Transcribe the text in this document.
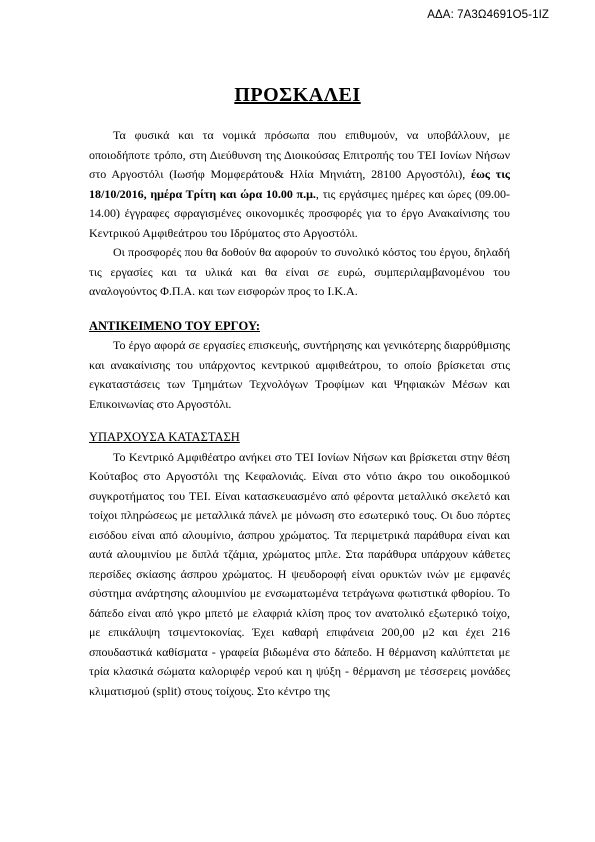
ΑΔΑ: 7Α3Ω4691Ο5-1ΙΖ
ΠΡΟΣΚΑΛΕΙ

Τα φυσικά και τα νομικά πρόσωπα που επιθυμούν, να υποβάλλουν, με οποιοδήποτε τρόπο, στη Διεύθυνση της Διοικούσας Επιτροπής του ΤΕΙ Ιονίων Νήσων στο Αργοστόλι (Ιωσήφ Μομφεράτου& Ηλία Μηνιάτη, 28100 Αργοστόλι), έως τις 18/10/2016, ημέρα Τρίτη και ώρα 10.00 π.μ., τις εργάσιμες ημέρες και ώρες (09.00-14.00) έγγραφες σφραγισμένες οικονομικές προσφορές για το έργο Ανακαίνισης του Κεντρικού Αμφιθεάτρου του Ιδρύματος στο Αργοστόλι.

Οι προσφορές που θα δοθούν θα αφορούν το συνολικό κόστος του έργου, δηλαδή τις εργασίες και τα υλικά και θα είναι σε ευρώ, συμπεριλαμβανομένου του αναλογούντος Φ.Π.Α. και των εισφορών προς το Ι.Κ.Α.

ΑΝΤΙΚΕΙΜΕΝΟ ΤΟΥ ΕΡΓΟΥ:

Το έργο αφορά σε εργασίες επισκευής, συντήρησης και γενικότερης διαρρύθμισης και ανακαίνισης του υπάρχοντος κεντρικού αμφιθεάτρου, το οποίο βρίσκεται στις εγκαταστάσεις των Τμημάτων Τεχνολόγων Τροφίμων και Ψηφιακών Μέσων και Επικοινωνίας στο Αργοστόλι.

ΥΠΑΡΧΟΥΣΑ ΚΑΤΑΣΤΑΣΗ

Το Κεντρικό Αμφιθέατρο ανήκει στο ΤΕΙ Ιονίων Νήσων και βρίσκεται στην θέση Κούταβος στο Αργοστόλι της Κεφαλονιάς. Είναι στο νότιο άκρο του οικοδομικού συγκροτήματος του ΤΕΙ. Είναι κατασκευασμένο από φέροντα μεταλλικό σκελετό και τοίχοι πληρώσεως με μεταλλικά πάνελ με μόνωση στο εσωτερικό τους. Οι δυο πόρτες εισόδου είναι από αλουμίνιο, άσπρου χρώματος. Τα περιμετρικά παράθυρα είναι και αυτά αλουμινίου με διπλά τζάμια, χρώματος μπλε. Στα παράθυρα υπάρχουν κάθετες περσίδες σκίασης άσπρου χρώματος. Η ψευδοροφή είναι ορυκτών ινών με εμφανές σύστημα ανάρτησης αλουμινίου με ενσωματωμένα τετράγωνα φωτιστικά φθορίου. Το δάπεδο είναι από γκρο μπετό με ελαφριά κλίση προς τον ανατολικό εξωτερικό τοίχο, με επικάλυψη τσιμεντοκονίας. Έχει καθαρή επιφάνεια 200,00 μ2 και έχει 216 σπουδαστικά καθίσματα - γραφεία βιδωμένα στο δάπεδο. Η θέρμανση καλύπτεται με τρία κλασικά σώματα καλοριφέρ νερού και η ψύξη - θέρμανση με τέσσερεις μονάδες κλιματισμού (split) στους τοίχους. Στο κέντρο της
